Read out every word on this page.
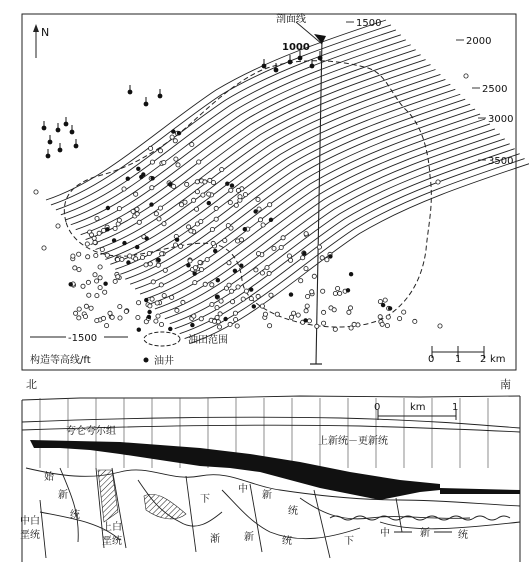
N
剖面线
1000
1500
2000
2500
3000
3500
-1500
构造等高线/ft
油田范围
油井	0 1 2 km
北	南
0	km	1
夸仑夸尔组
上新统－更新统
始
新
统
中
新
统
下
渐 新	统	下
中	新	统
上白
垩统
中白
垩统
